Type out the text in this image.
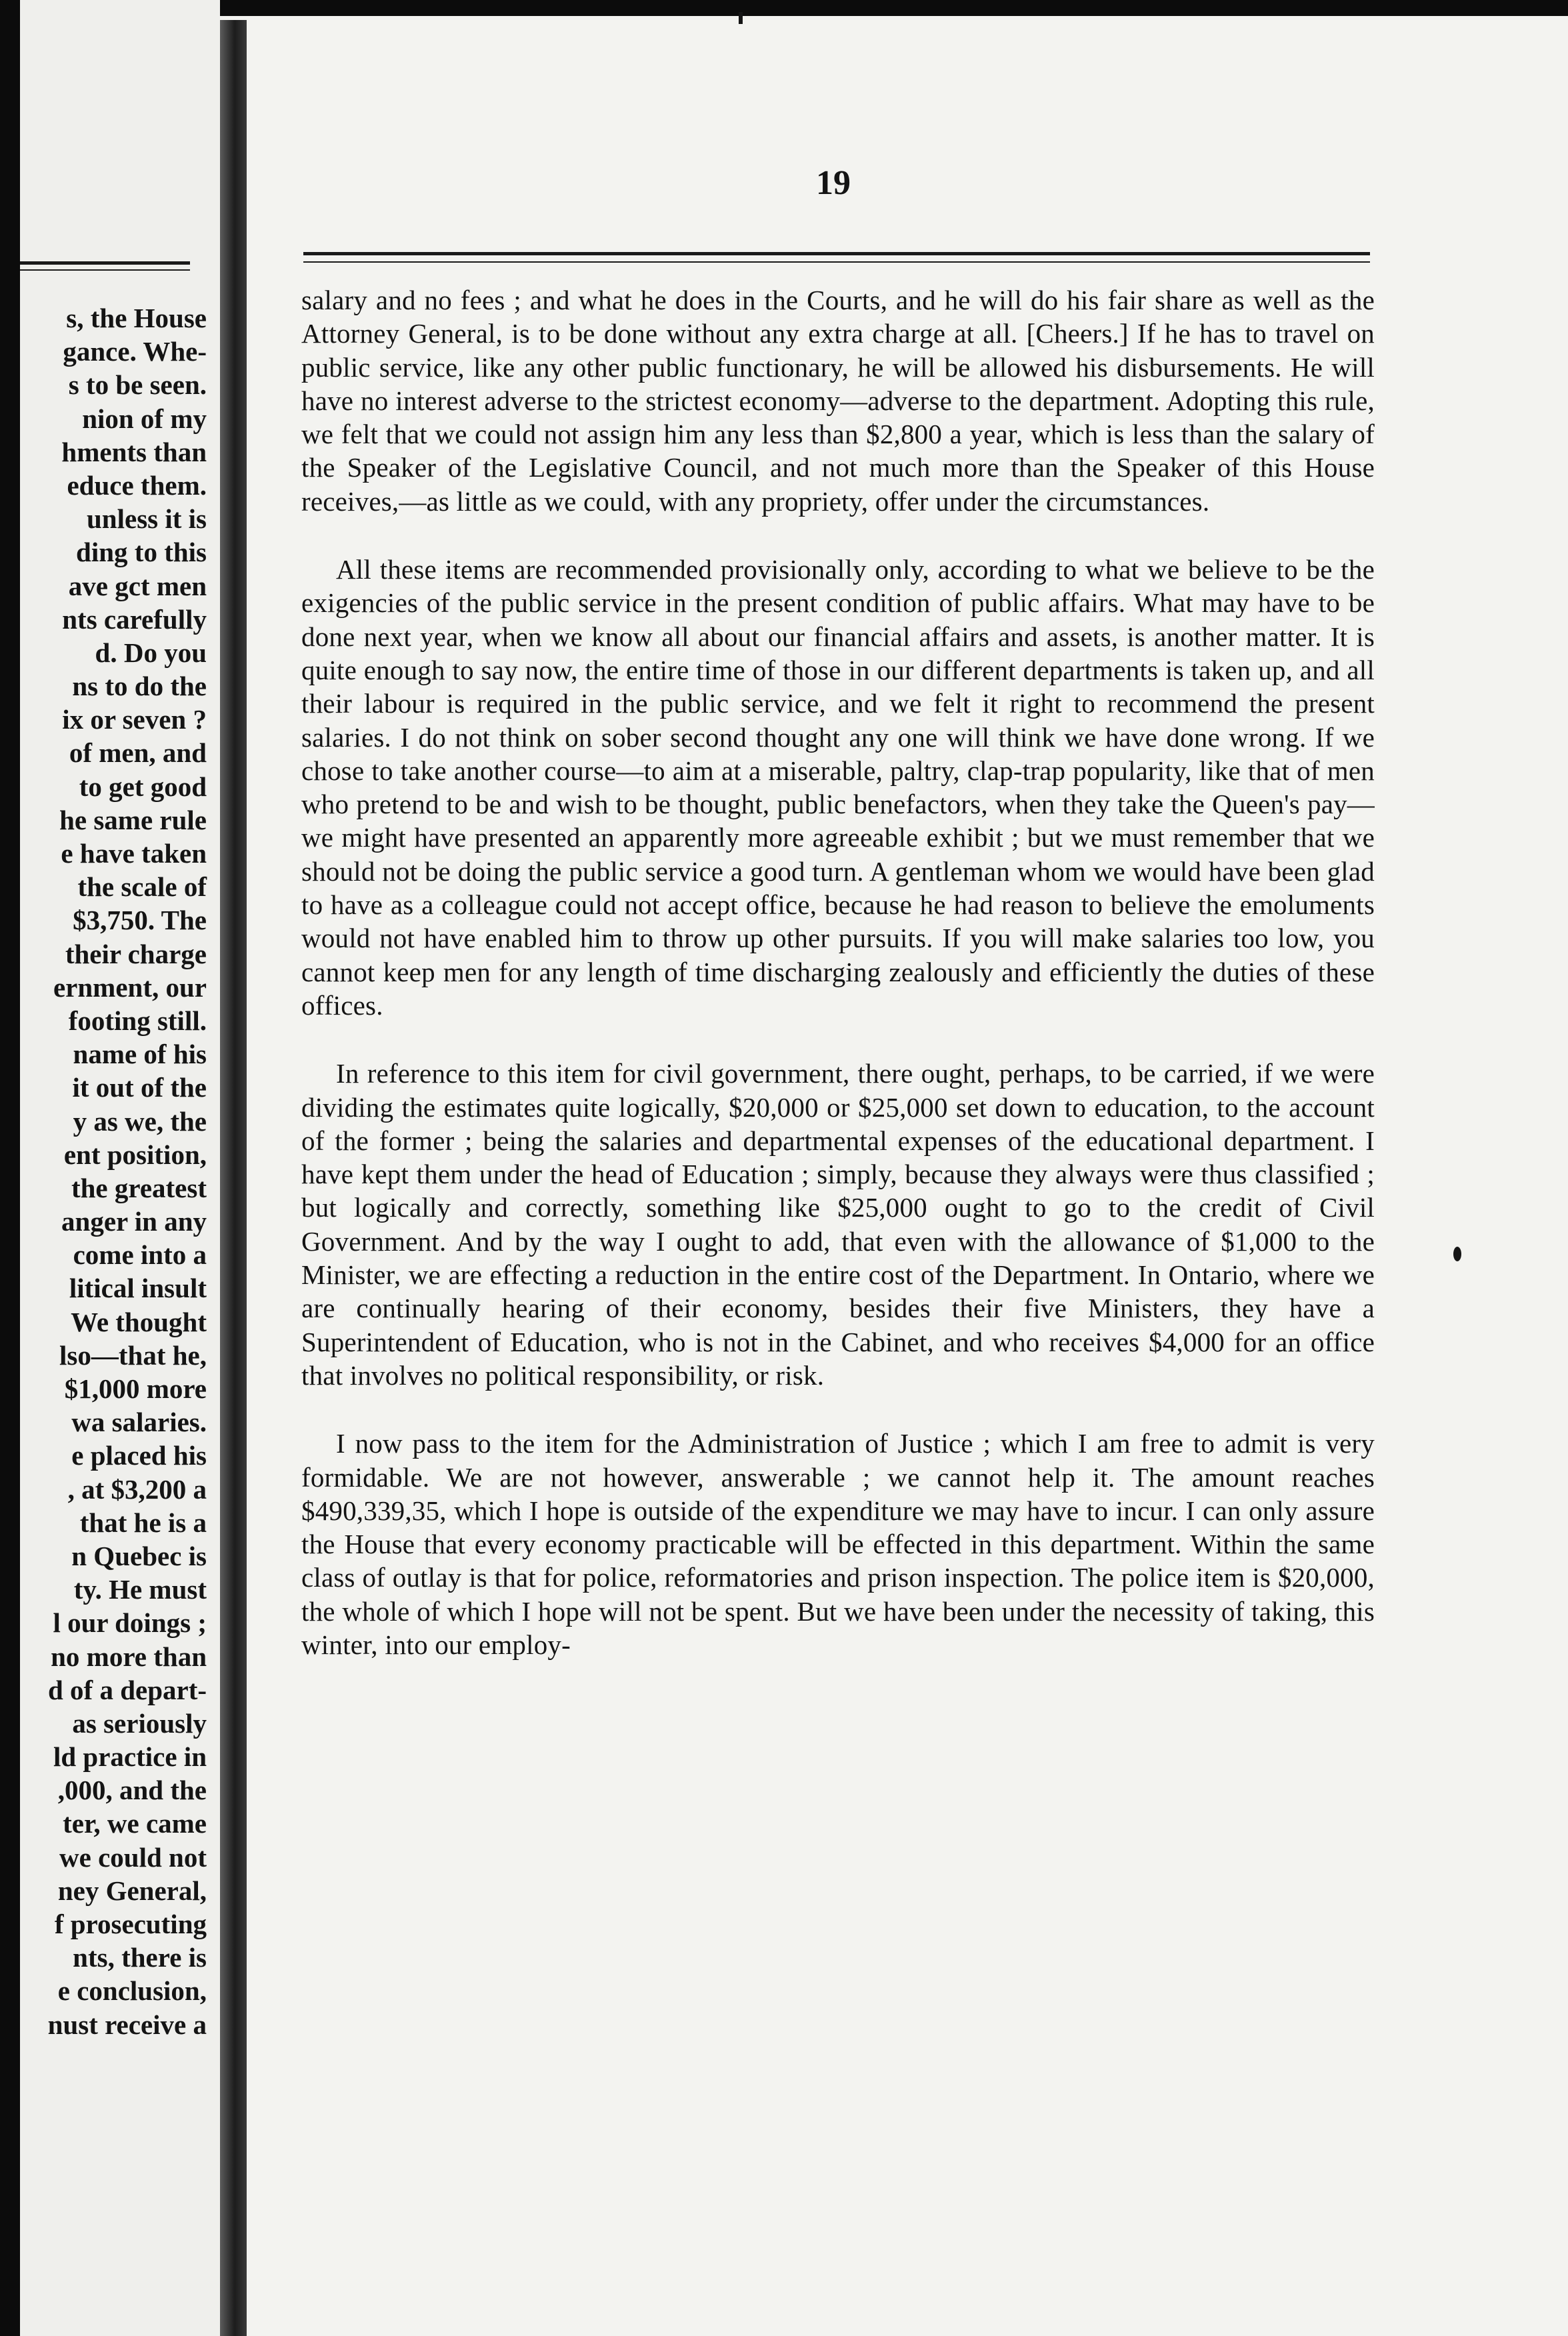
s, the House
gance. Whe-
s to be seen.
nion of my
hments than
educe them.
unless it is
ding to this
ave gct men
nts carefully
d. Do you
ns to do the
ix or seven ?
of men, and
to get good
he same rule
e have taken
the scale of
$3,750. The
their charge
ernment, our
footing still.
name of his
it out of the
y as we, the
ent position,
the greatest
anger in any
come into a
litical insult
We thought
lso—that he,
$1,000 more
wa salaries.
e placed his
, at $3,200 a
that he is a
n Quebec is
ty. He must
l our doings ;
no more than
d of a depart-
as seriously
ld practice in
,000, and the
ter, we came
we could not
ney General,
f prosecuting
nts, there is
e conclusion,
nust receive a
19

salary and no fees ; and what he does in the Courts, and he will do his fair share as well as the Attorney General, is to be done without any extra charge at all. [Cheers.] If he has to travel on public service, like any other public functionary, he will be allowed his disbursements. He will have no interest adverse to the strictest economy—adverse to the department. Adopting this rule, we felt that we could not assign him any less than $2,800 a year, which is less than the salary of the Speaker of the Legislative Council, and not much more than the Speaker of this House receives,—as little as we could, with any propriety, offer under the circumstances.

All these items are recommended provisionally only, according to what we believe to be the exigencies of the public service in the present condition of public affairs. What may have to be done next year, when we know all about our financial affairs and assets, is another matter. It is quite enough to say now, the entire time of those in our different departments is taken up, and all their labour is required in the public service, and we felt it right to recommend the present salaries. I do not think on sober second thought any one will think we have done wrong. If we chose to take another course—to aim at a miserable, paltry, clap-trap popularity, like that of men who pretend to be and wish to be thought, public benefactors, when they take the Queen's pay—we might have presented an apparently more agreeable exhibit ; but we must remember that we should not be doing the public service a good turn. A gentleman whom we would have been glad to have as a colleague could not accept office, because he had reason to believe the emoluments would not have enabled him to throw up other pursuits. If you will make salaries too low, you cannot keep men for any length of time discharging zealously and efficiently the duties of these offices.

In reference to this item for civil government, there ought, perhaps, to be carried, if we were dividing the estimates quite logically, $20,000 or $25,000 set down to education, to the account of the former ; being the salaries and departmental expenses of the educational department. I have kept them under the head of Education ; simply, because they always were thus classified ; but logically and correctly, something like $25,000 ought to go to the credit of Civil Government. And by the way I ought to add, that even with the allowance of $1,000 to the Minister, we are effecting a reduction in the entire cost of the Department. In Ontario, where we are continually hearing of their economy, besides their five Ministers, they have a Superintendent of Education, who is not in the Cabinet, and who receives $4,000 for an office that involves no political responsibility, or risk.

I now pass to the item for the Administration of Justice ; which I am free to admit is very formidable. We are not however, answerable ; we cannot help it. The amount reaches $490,339,35, which I hope is outside of the expenditure we may have to incur. I can only assure the House that every economy practicable will be effected in this department. Within the same class of outlay is that for police, reformatories and prison inspection. The police item is $20,000, the whole of which I hope will not be spent. But we have been under the necessity of taking, this winter, into our employ-
